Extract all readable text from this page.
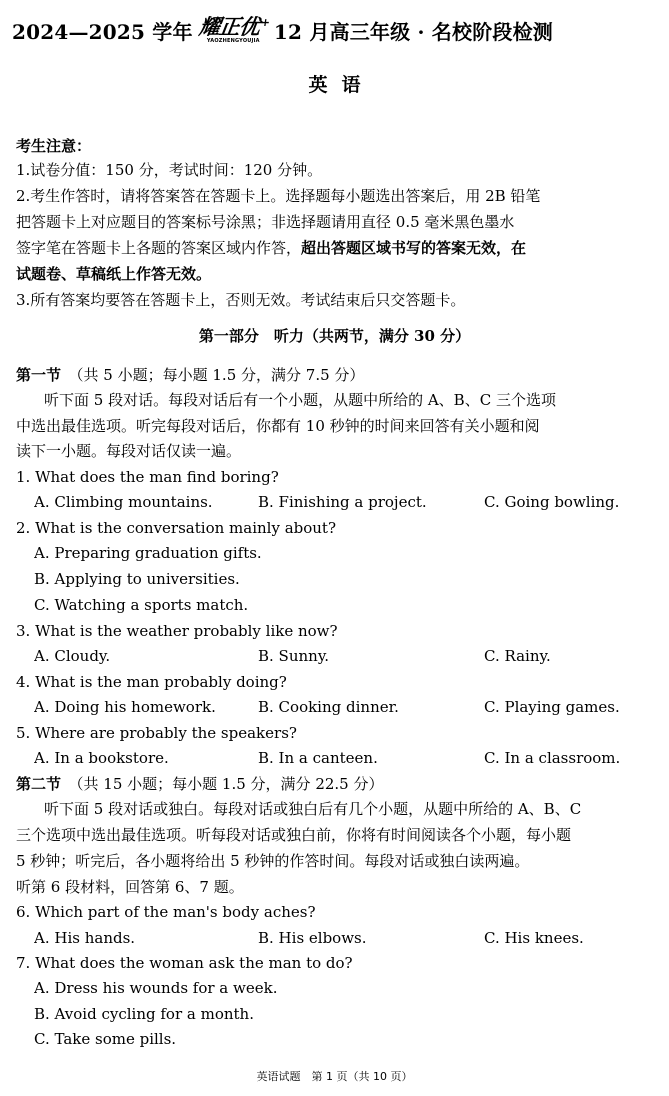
2024—2025 学年 耀正优+
YAOZHENGYOUJIA 12 月高三年级 · 名校阶段检测
英语
考生注意：
1.试卷分值：150 分，考试时间：120 分钟。
2.考生作答时，请将答案答在答题卡上。选择题每小题选出答案后，用 2B 铅笔
把答题卡上对应题目的答案标号涂黑；非选择题请用直径 0.5 毫米黑色墨水
签字笔在答题卡上各题的答案区域内作答，超出答题区域书写的答案无效，在
试题卷、草稿纸上作答无效。
3.所有答案均要答在答题卡上，否则无效。考试结束后只交答题卡。
第一部分　听力（共两节，满分 30 分）
第一节　 （共 5 小题；每小题 1.5 分，满分 7.5 分）
听下面 5 段对话。每段对话后有一个小题，从题中所给的 A、B、C 三个选项
中选出最佳选项。听完每段对话后，你都有 10 秒钟的时间来回答有关小题和阅
读下一小题。每段对话仅读一遍。
1. What does the man find boring?
A. Climbing mountains.	B. Finishing a project.	C. Going bowling.
2. What is the conversation mainly about?
A. Preparing graduation gifts.
B. Applying to universities.
C. Watching a sports match.
3. What is the weather probably like now?
A. Cloudy.	B. Sunny.	C. Rainy.
4. What is the man probably doing?
A. Doing his homework.	B. Cooking dinner.	C. Playing games.
5. Where are probably the speakers?
A. In a bookstore.	B. In a canteen.	C. In a classroom.
第二节　 （共 15 小题；每小题 1.5 分，满分 22.5 分）
听下面 5 段对话或独白。每段对话或独白后有几个小题，从题中所给的 A、B、C
三个选项中选出最佳选项。听每段对话或独白前，你将有时间阅读各个小题，每小题
5 秒钟；听完后，各小题将给出 5 秒钟的作答时间。每段对话或独白读两遍。
听第 6 段材料，回答第 6、7 题。
6. Which part of the man's body aches?
A. His hands.	B. His elbows.	C. His knees.
7. What does the woman ask the man to do?
A. Dress his wounds for a week.
B. Avoid cycling for a month.
C. Take some pills.
英语试题　第 1 页（共 10 页）
